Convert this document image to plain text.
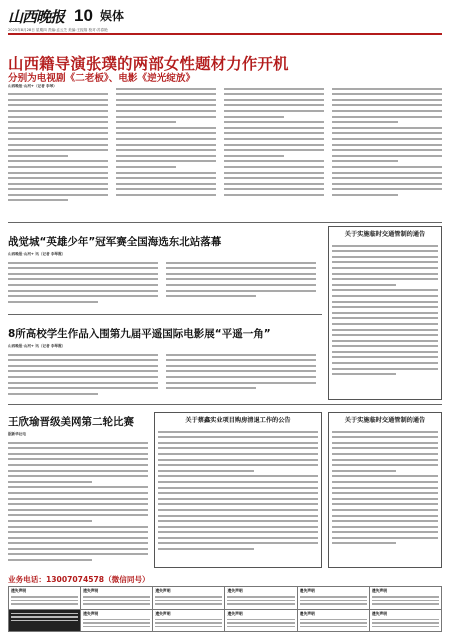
山西晚报 10 娱体
2025年8月28日 星期四 责编:孟云芝 美编:王振翔 校对:苏春艳
山西籍导演张璞的两部女性题材力作开机
分别为电视剧《二老板》、电影《逆光绽放》
山西晚报·山河+（记者 李琴）
战觉城“英雄少年”冠军赛全国海选东北站落幕
山西晚报·山河+ 讯（记者 李琴霞）
8所高校学生作品入围第九届平遥国际电影展“平遥一角”
山西晚报·山河+ 讯（记者 李琴霞）
王欣瑜晋级美网第二轮比赛
据新华社电
关于蔡鑫实业项目购房清退工作的公告
关于实施临时交通管制的通告
关于实施临时交通管制的通告
业务电话：13007074578（微信同号）
遗失声明	遗失声明	遗失声明	遗失声明	遗失声明	遗失声明
遗失声明	遗失声明	遗失声明	遗失声明	遗失声明
